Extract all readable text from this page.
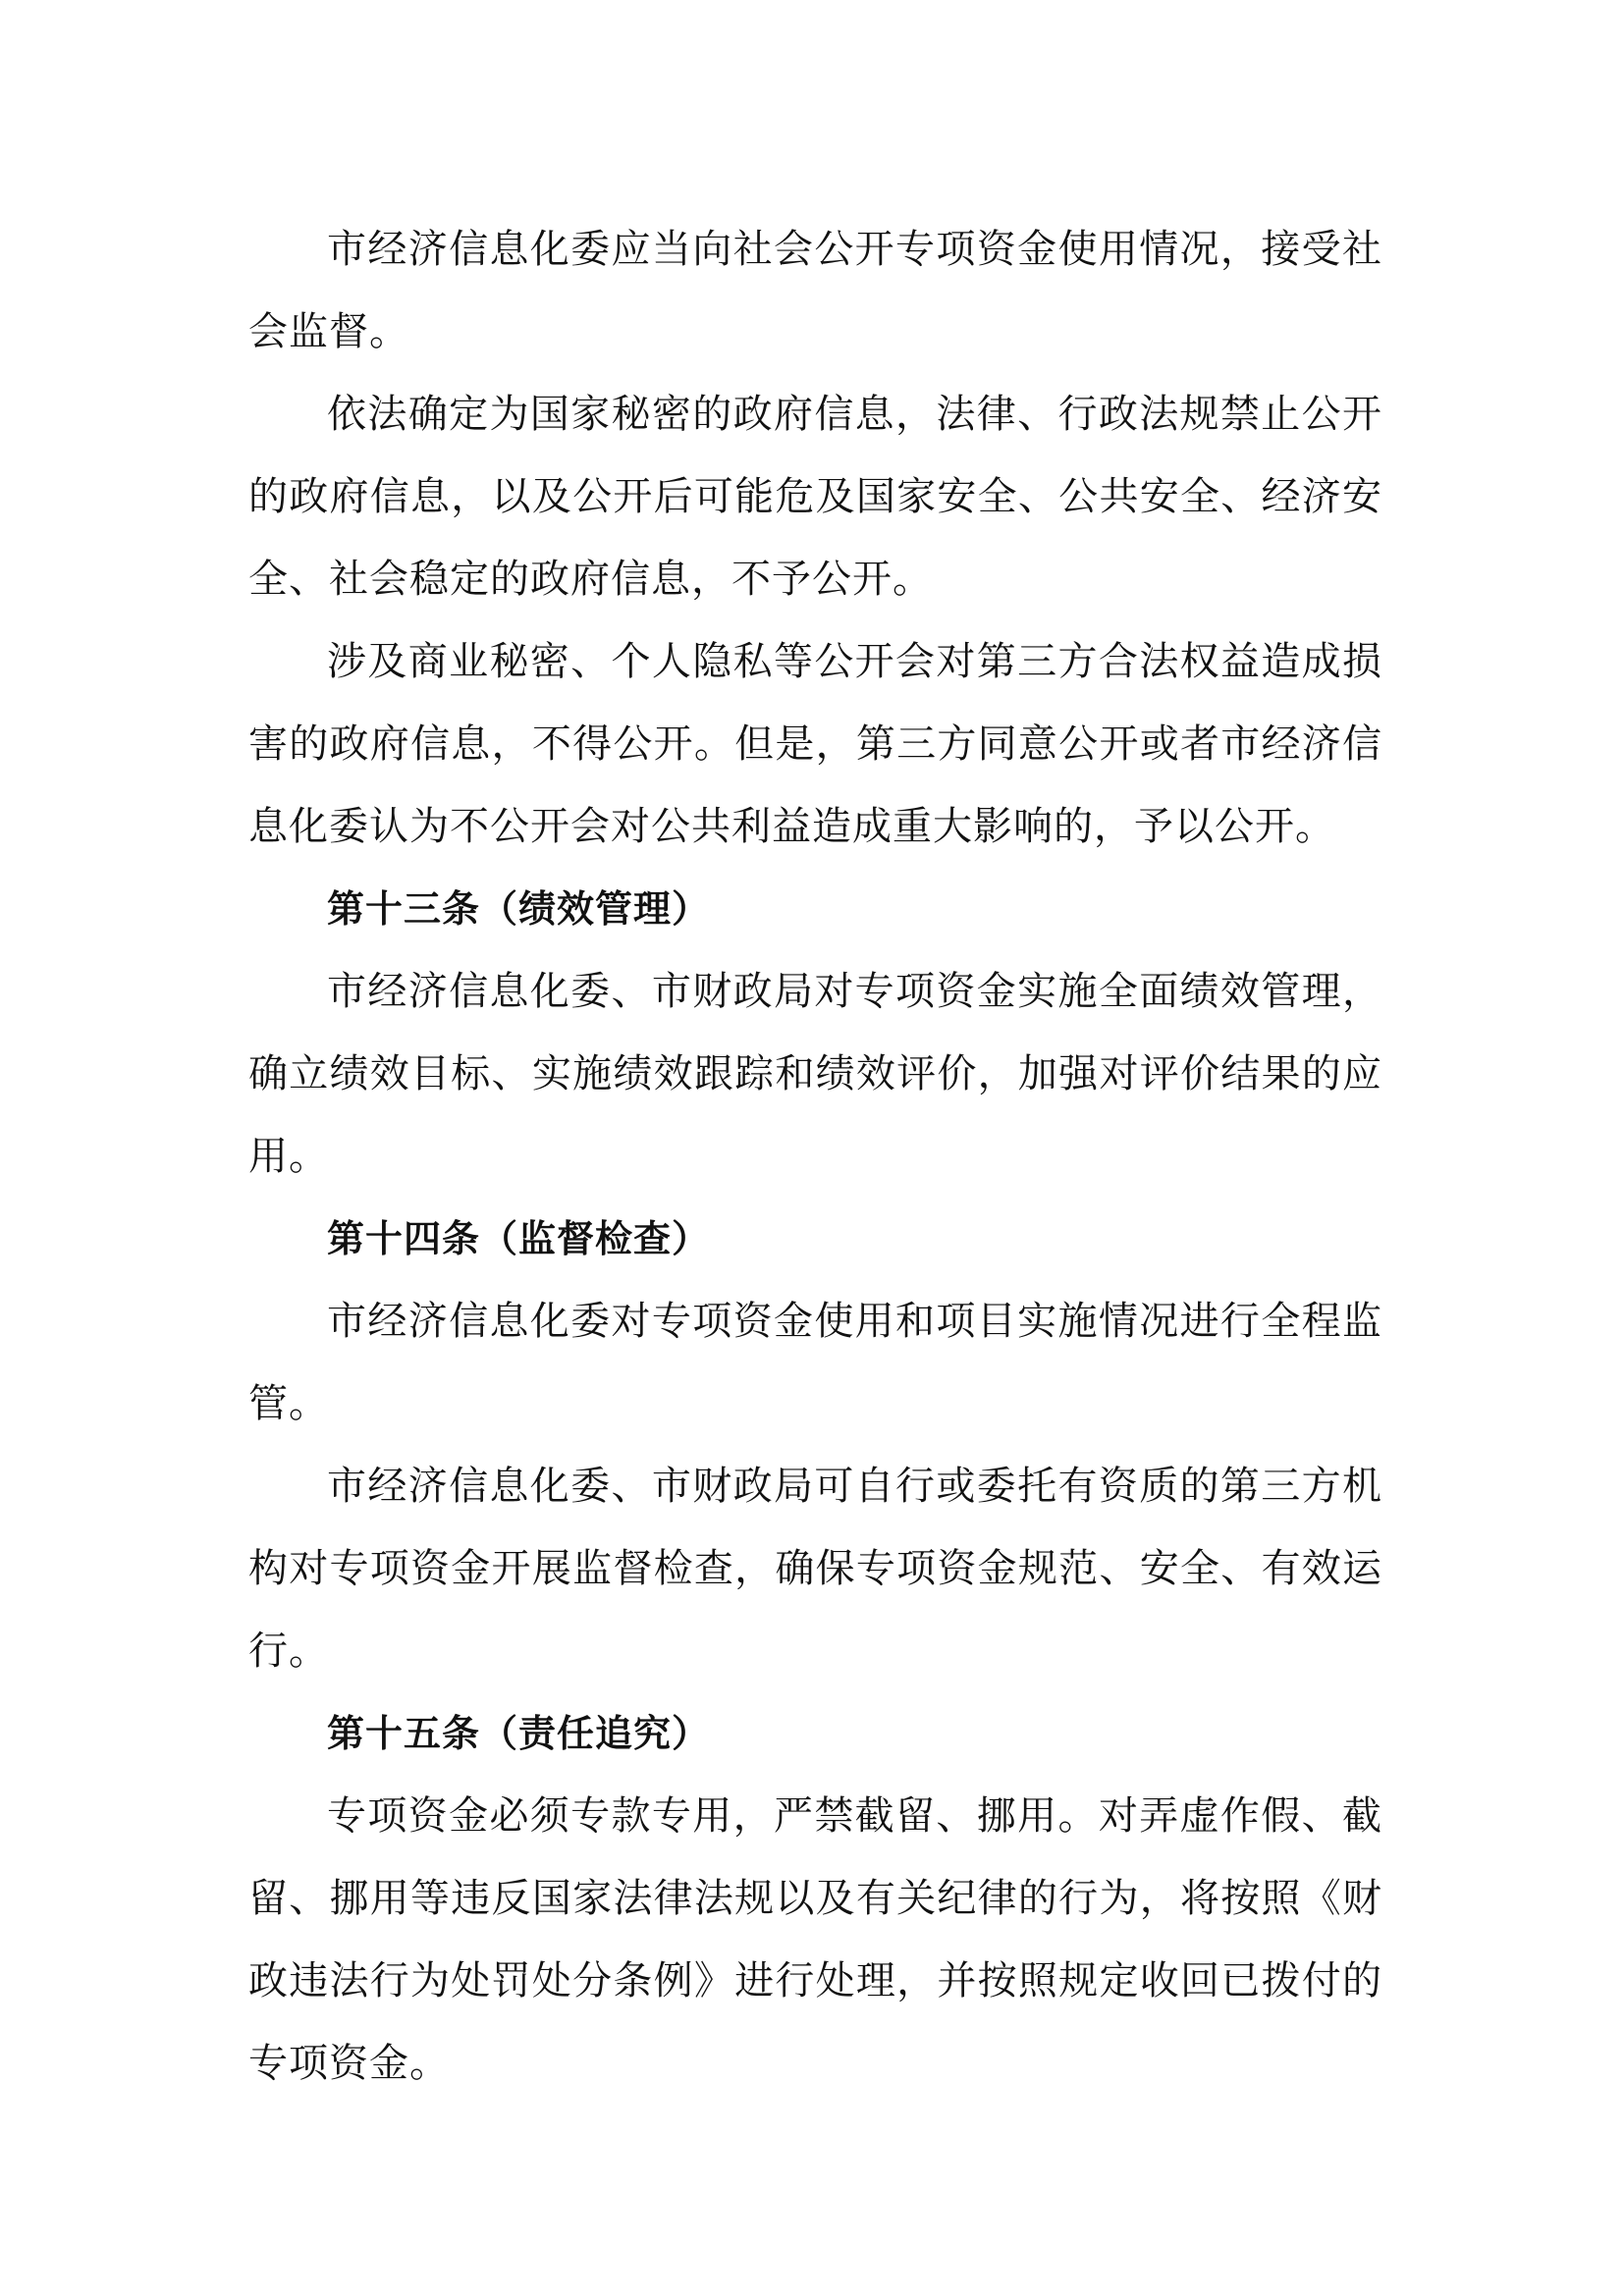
市经济信息化委应当向社会公开专项资金使用情况，接受社会监督。

依法确定为国家秘密的政府信息，法律、行政法规禁止公开的政府信息，以及公开后可能危及国家安全、公共安全、经济安全、社会稳定的政府信息，不予公开。

涉及商业秘密、个人隐私等公开会对第三方合法权益造成损害的政府信息，不得公开。但是，第三方同意公开或者市经济信息化委认为不公开会对公共利益造成重大影响的，予以公开。

第十三条（绩效管理）

市经济信息化委、市财政局对专项资金实施全面绩效管理，确立绩效目标、实施绩效跟踪和绩效评价，加强对评价结果的应用。

第十四条（监督检查）

市经济信息化委对专项资金使用和项目实施情况进行全程监管。

市经济信息化委、市财政局可自行或委托有资质的第三方机构对专项资金开展监督检查，确保专项资金规范、安全、有效运行。

第十五条（责任追究）

专项资金必须专款专用，严禁截留、挪用。对弄虚作假、截留、挪用等违反国家法律法规以及有关纪律的行为，将按照《财政违法行为处罚处分条例》进行处理，并按照规定收回已拨付的专项资金。
